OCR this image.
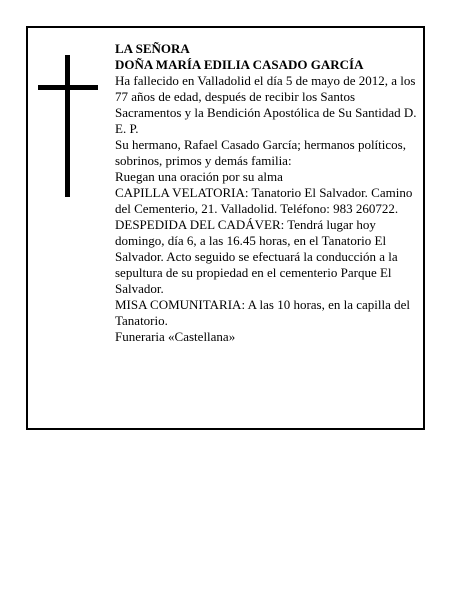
LA SEÑORA

DOÑA MARÍA EDILIA CASADO GARCÍA

Ha fallecido en Valladolid el día 5 de mayo de 2012, a los 77 años de edad, después de recibir los Santos Sacramentos y la Bendición Apostólica de Su Santidad D. E. P.

Su hermano, Rafael Casado García; hermanos políticos, sobrinos, primos y demás familia:

Ruegan una oración por su alma

CAPILLA VELATORIA: Tanatorio El Salvador. Camino del Cementerio, 21. Valladolid. Teléfono: 983 260722.

DESPEDIDA DEL CADÁVER: Tendrá lugar hoy domingo, día 6, a las 16.45 horas, en el Tanatorio El Salvador. Acto seguido se efectuará la conducción a la sepultura de su propiedad en el cementerio Parque El Salvador.

MISA COMUNITARIA: A las 10 horas, en la capilla del Tanatorio.

Funeraria «Castellana»
